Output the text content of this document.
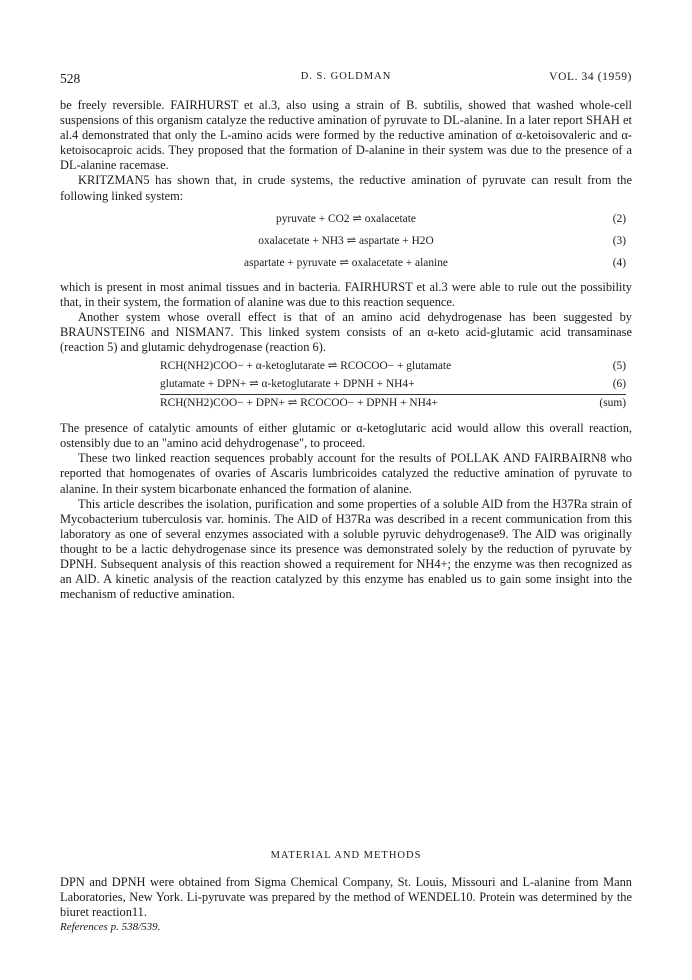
528	D. S. GOLDMAN	VOL. 34 (1959)

be freely reversible. FAIRHURST et al.3, also using a strain of B. subtilis, showed that washed whole-cell suspensions of this organism catalyze the reductive amination of pyruvate to DL-alanine. In a later report SHAH et al.4 demonstrated that only the L-amino acids were formed by the reductive amination of α-ketoisovaleric and α-ketoisocaproic acids. They proposed that the formation of D-alanine in their system was due to the presence of a DL-alanine racemase.

KRITZMAN5 has shown that, in crude systems, the reductive amination of pyruvate can result from the following linked system:

pyruvate + CO2 ⇌ oxalacetate	(2)
oxalacetate + NH3 ⇌ aspartate + H2O	(3)
aspartate + pyruvate ⇌ oxalacetate + alanine	(4)

which is present in most animal tissues and in bacteria. FAIRHURST et al.3 were able to rule out the possibility that, in their system, the formation of alanine was due to this reaction sequence.

Another system whose overall effect is that of an amino acid dehydrogenase has been suggested by BRAUNSTEIN6 and NISMAN7. This linked system consists of an α-keto acid-glutamic acid transaminase (reaction 5) and glutamic dehydrogenase (reaction 6).

RCH(NH2)COO− + α-ketoglutarate ⇌ RCOCOO− + glutamate	(5)
glutamate + DPN+ ⇌ α-ketoglutarate + DPNH + NH4+	(6)
RCH(NH2)COO− + DPN+ ⇌ RCOCOO− + DPNH + NH4+	(sum)

The presence of catalytic amounts of either glutamic or α-ketoglutaric acid would allow this overall reaction, ostensibly due to an "amino acid dehydrogenase", to proceed.

These two linked reaction sequences probably account for the results of POLLAK AND FAIRBAIRN8 who reported that homogenates of ovaries of Ascaris lumbricoides catalyzed the reductive amination of pyruvate to alanine. In their system bicarbonate enhanced the formation of alanine.

This article describes the isolation, purification and some properties of a soluble AlD from the H37Ra strain of Mycobacterium tuberculosis var. hominis. The AlD of H37Ra was described in a recent communication from this laboratory as one of several enzymes associated with a soluble pyruvic dehydrogenase9. The AlD was originally thought to be a lactic dehydrogenase since its presence was demonstrated solely by the reduction of pyruvate by DPNH. Subsequent analysis of this reaction showed a requirement for NH4+; the enzyme was then recognized as an AlD. A kinetic analysis of the reaction catalyzed by this enzyme has enabled us to gain some insight into the mechanism of reductive amination.

MATERIAL AND METHODS

DPN and DPNH were obtained from Sigma Chemical Company, St. Louis, Missouri and L-alanine from Mann Laboratories, New York. Li-pyruvate was prepared by the method of WENDEL10. Protein was determined by the biuret reaction11.

References p. 538/539.
